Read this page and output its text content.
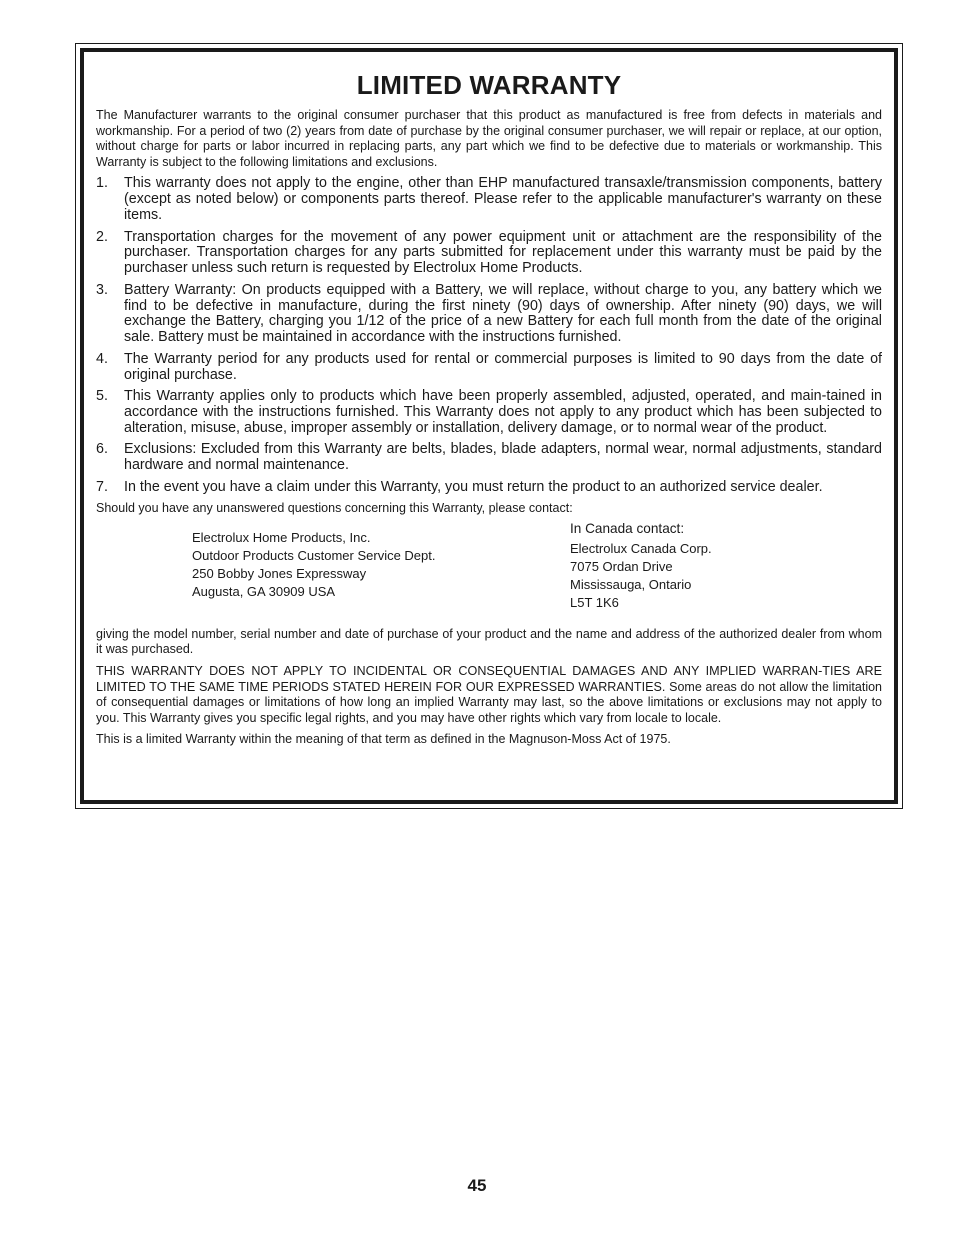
LIMITED WARRANTY

The Manufacturer warrants to the original consumer purchaser that this product as manufactured is free from defects in materials and workmanship. For a period of two (2) years from date of purchase by the original consumer purchaser, we will repair or replace, at our option, without charge for parts or labor incurred in replacing parts, any part which we find to be defective due to materials or workmanship. This Warranty is subject to the following limitations and exclusions.

1. This warranty does not apply to the engine, other than EHP manufactured transaxle/transmission components, battery (except as noted below) or components parts thereof. Please refer to the applicable manufacturer's warranty on these items.
2. Transportation charges for the movement of any power equipment unit or attachment are the responsibility of the purchaser. Transportation charges for any parts submitted for replacement under this warranty must be paid by the purchaser unless such return is requested by Electrolux Home Products.
3. Battery Warranty: On products equipped with a Battery, we will replace, without charge to you, any battery which we find to be defective in manufacture, during the first ninety (90) days of ownership. After ninety (90) days, we will exchange the Battery, charging you 1/12 of the price of a new Battery for each full month from the date of the original sale. Battery must be maintained in accordance with the instructions furnished.
4. The Warranty period for any products used for rental or commercial purposes is limited to 90 days from the date of original purchase.
5. This Warranty applies only to products which have been properly assembled, adjusted, operated, and main-tained in accordance with the instructions furnished. This Warranty does not apply to any product which has been subjected to alteration, misuse, abuse, improper assembly or installation, delivery damage, or to normal wear of the product.
6. Exclusions: Excluded from this Warranty are belts, blades, blade adapters, normal wear, normal adjustments, standard hardware and normal maintenance.
7. In the event you have a claim under this Warranty, you must return the product to an authorized service dealer.

Should you have any unanswered questions concerning this Warranty, please contact:

Electrolux Home Products, Inc.
Outdoor Products Customer Service Dept.
250 Bobby Jones Expressway
Augusta, GA 30909 USA
In Canada contact:
Electrolux Canada Corp.
7075 Ordan Drive
Mississauga, Ontario
L5T 1K6

giving the model number, serial number and date of purchase of your product and the name and address of the authorized dealer from whom it was purchased.

THIS WARRANTY DOES NOT APPLY TO INCIDENTAL OR CONSEQUENTIAL DAMAGES AND ANY IMPLIED WARRAN-TIES ARE LIMITED TO THE SAME TIME PERIODS STATED HEREIN FOR OUR EXPRESSED WARRANTIES. Some areas do not allow the limitation of consequential damages or limitations of how long an implied Warranty may last, so the above limitations or exclusions may not apply to you. This Warranty gives you specific legal rights, and you may have other rights which vary from locale to locale.

This is a limited Warranty within the meaning of that term as defined in the Magnuson-Moss Act of 1975.

45
